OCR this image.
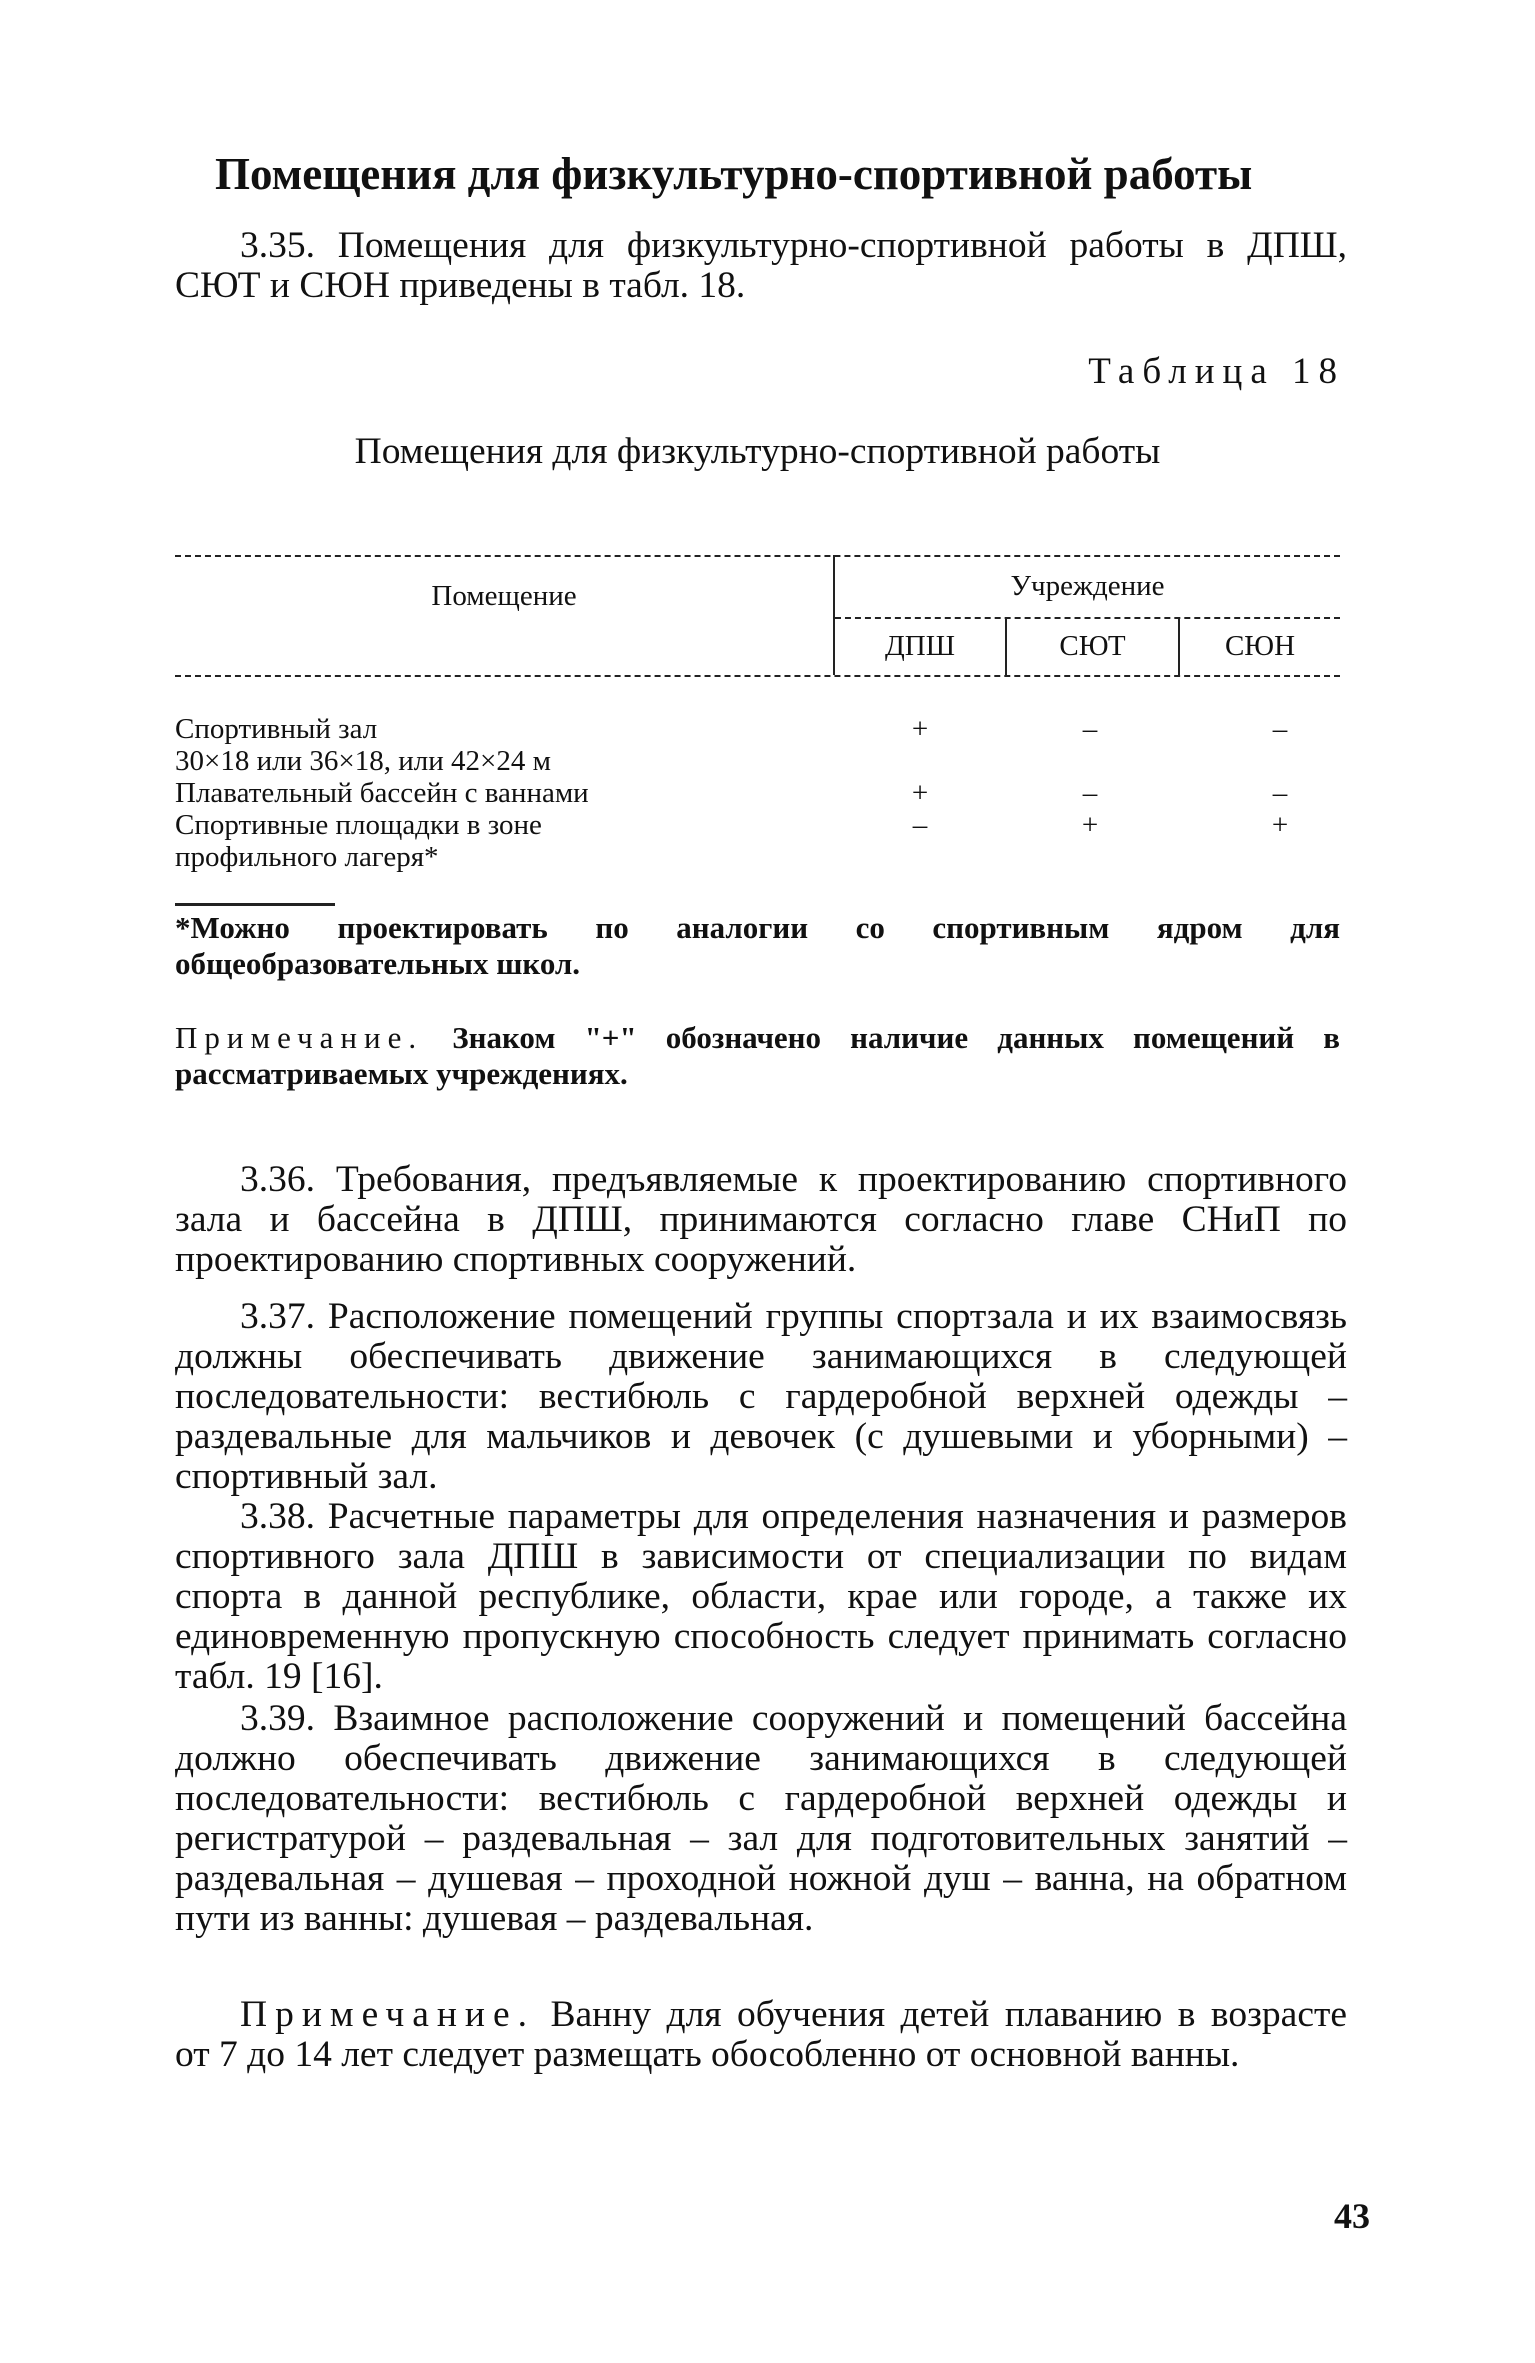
Помещения для физкультурно-спортивной работы

3.35. Помещения для физкультурно-спортивной работы в ДПШ, СЮТ и СЮН приведены в табл. 18.

Таблица 18
Помещения для физкультурно-спортивной работы
Помещение	Учреждение
ДПШ	СЮТ	СЮН
Спортивный зал
30×18 или 36×18, или 42×24 м
+	–	–
Плавательный бассейн с ваннами	+	–	–
Спортивные площадки в зоне
профильного лагеря*
–	+	+

*Можно проектировать по аналогии со спортивным ядром для общеобразовательных школ.

Примечание. Знаком "+" обозначено наличие данных помещений в рассматриваемых учреждениях.

3.36. Требования, предъявляемые к проектированию спортивного зала и бассейна в ДПШ, принимаются согласно главе СНиП по проектированию спортивных сооружений.

3.37. Расположение помещений группы спортзала и их взаимосвязь должны обеспечивать движение занимающихся в следующей последовательности: вестибюль с гардеробной верхней одежды – раздевальные для мальчиков и девочек (с душевыми и уборными) – спортивный зал.

3.38. Расчетные параметры для определения назначения и размеров спортивного зала ДПШ в зависимости от специализации по видам спорта в данной республике, области, крае или городе, а также их единовременную пропускную способность следует принимать согласно табл. 19 [16].

3.39. Взаимное расположение сооружений и помещений бассейна должно обеспечивать движение занимающихся в следующей последовательности: вестибюль с гардеробной верхней одежды и регистратурой – раздевальная – зал для подготовительных занятий – раздевальная – душевая – проходной ножной душ – ванна, на обратном пути из ванны: душевая – раздевальная.

Примечание. Ванну для обучения детей плаванию в возрасте от 7 до 14 лет следует размещать обособленно от основной ванны.

43
